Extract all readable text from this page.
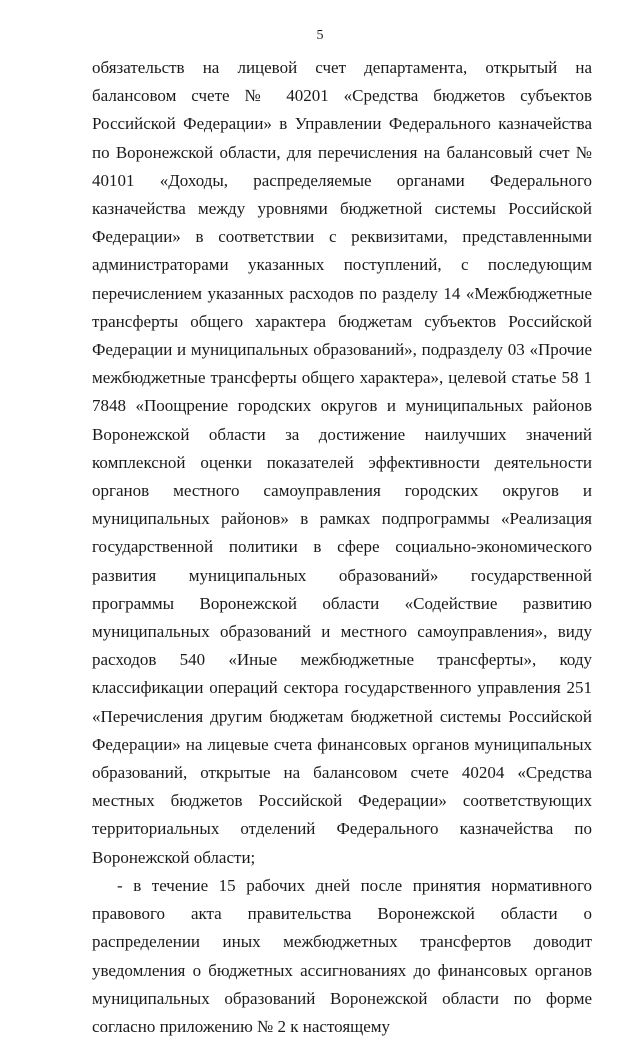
5

обязательств на лицевой счет департамента, открытый на балансовом счете № 40201 «Средства бюджетов субъектов Российской Федерации» в Управлении Федерального казначейства по Воронежской области, для перечисления на балансовый счет № 40101 «Доходы, распределяемые органами Федерального казначейства между уровнями бюджетной системы Российской Федерации» в соответствии с реквизитами, представленными администраторами указанных поступлений, с последующим перечислением указанных расходов по разделу 14 «Межбюджетные трансферты общего характера бюджетам субъектов Российской Федерации и муниципальных образований», подразделу 03 «Прочие межбюджетные трансферты общего характера», целевой статье 58 1 7848 «Поощрение городских округов и муниципальных районов Воронежской области за достижение наилучших значений комплексной оценки показателей эффективности деятельности органов местного самоуправления городских округов и муниципальных районов» в рамках подпрограммы «Реализация государственной политики в сфере социально-экономического развития муниципальных образований» государственной программы Воронежской области «Содействие развитию муниципальных образований и местного самоуправления», виду расходов 540 «Иные межбюджетные трансферты», коду классификации операций сектора государственного управления 251 «Перечисления другим бюджетам бюджетной системы Российской Федерации» на лицевые счета финансовых органов муниципальных образований, открытые на балансовом счете 40204 «Средства местных бюджетов Российской Федерации» соответствующих территориальных отделений Федерального казначейства по Воронежской области;

- в течение 15 рабочих дней после принятия нормативного правового акта правительства Воронежской области о распределении иных межбюджетных трансфертов доводит уведомления о бюджетных ассигнованиях до финансовых органов муниципальных образований Воронежской области по форме согласно приложению № 2 к настоящему
